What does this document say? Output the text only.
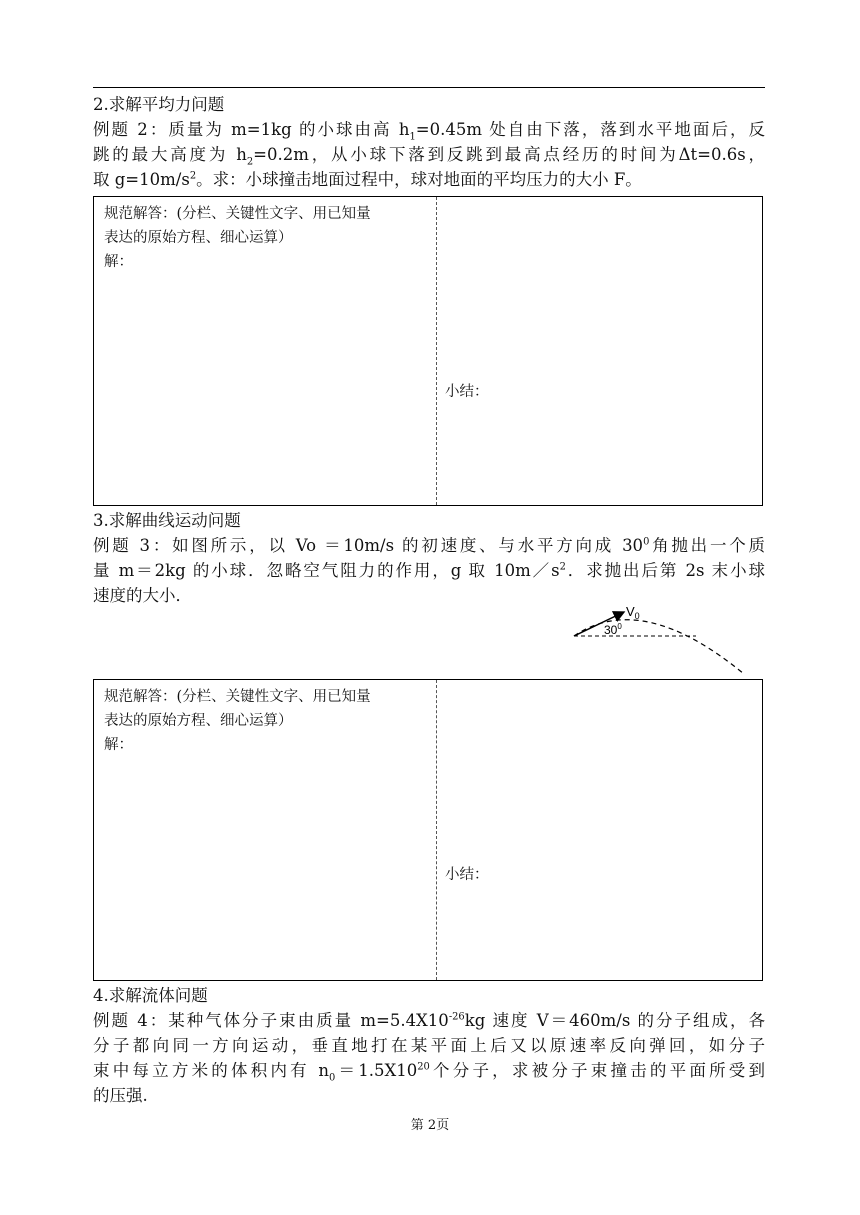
2.求解平均力问题

例题 2：质量为 m=1kg 的小球由高 $h_1=0.45m$ 处自由下落，落到水平地面后，反

跳的最大高度为 $h_2=0.2m$，从小球下落到反跳到最高点经历的时间为Δt=0.6s，

取 $g=10m/s^2$。求：小球撞击地面过程中，球对地面的平均压力的大小 F。

规范解答：(分栏、关键性文字、用已知量

表达的原始方程、细心运算）

解：

小结：

3.求解曲线运动问题

例题 3：如图所示，以 Vo ＝10m/s 的初速度、与水平方向成 $30^0$角抛出一个质

量 m＝2kg 的小球．忽略空气阻力的作用，g 取 $10m/s^2$．求抛出后第 2s 末小球

速度的大小．

$V_0$
$30^0$

规范解答：(分栏、关键性文字、用已知量

表达的原始方程、细心运算）

解：

小结：

4.求解流体问题

例题 4：某种气体分子束由质量 $m=5.4X10^{-26}kg$ 速度 V＝460m/s 的分子组成，各

分子都向同一方向运动，垂直地打在某平面上后又以原速率反向弹回，如分子

束中每立方米的体积内有 $n_0=1.5X10^{20}$个分子，求被分子束撞击的平面所受到

的压强.

第 2页
